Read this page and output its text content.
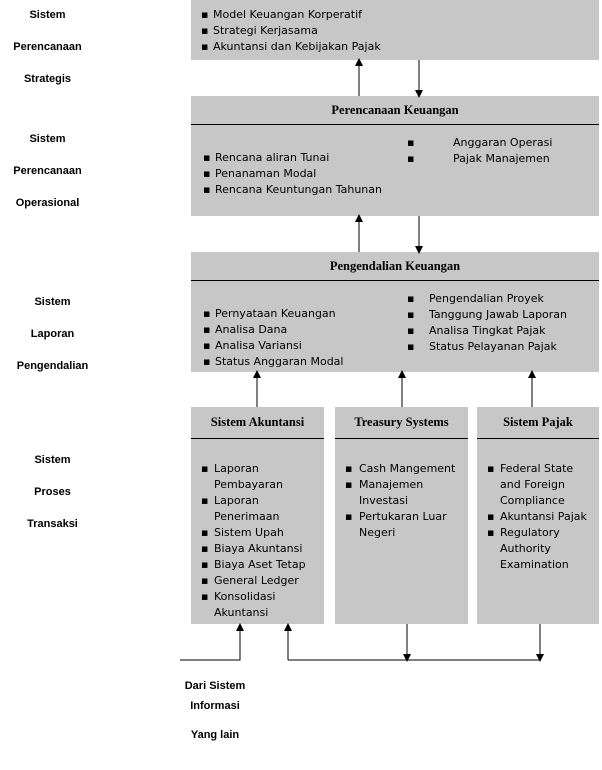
Sistem
Perencanaan
Strategis
Sistem
Perencanaan
Operasional
Sistem
Laporan
Pengendalian
Sistem
Proses
Transaksi
▪ Model Keuangan Korperatif
▪ Strategi Kerjasama
▪ Akuntansi dan Kebijakan Pajak
Perencanaan Keuangan
▪ Rencana aliran Tunai
▪ Penanaman Modal
▪ Rencana Keuntungan Tahunan
▪ Anggaran Operasi
▪ Pajak Manajemen
Pengendalian Keuangan
▪ Pernyataan Keuangan
▪ Analisa Dana
▪ Analisa Variansi
▪ Status Anggaran Modal
▪ Pengendalian Proyek
▪ Tanggung Jawab Laporan
▪ Analisa Tingkat Pajak
▪ Status Pelayanan Pajak
Sistem Akuntansi
▪ Laporan Pembayaran
▪ Laporan Penerimaan
▪ Sistem Upah
▪ Biaya Akuntansi
▪ Biaya Aset Tetap
▪ General Ledger
▪ Konsolidasi Akuntansi
Treasury Systems
▪ Cash Mangement
▪ Manajemen Investasi
▪ Pertukaran Luar Negeri
Sistem Pajak
▪ Federal State and Foreign Compliance
▪ Akuntansi Pajak
▪ Regulatory Authority Examination
Dari Sistem
Informasi
Yang lain
